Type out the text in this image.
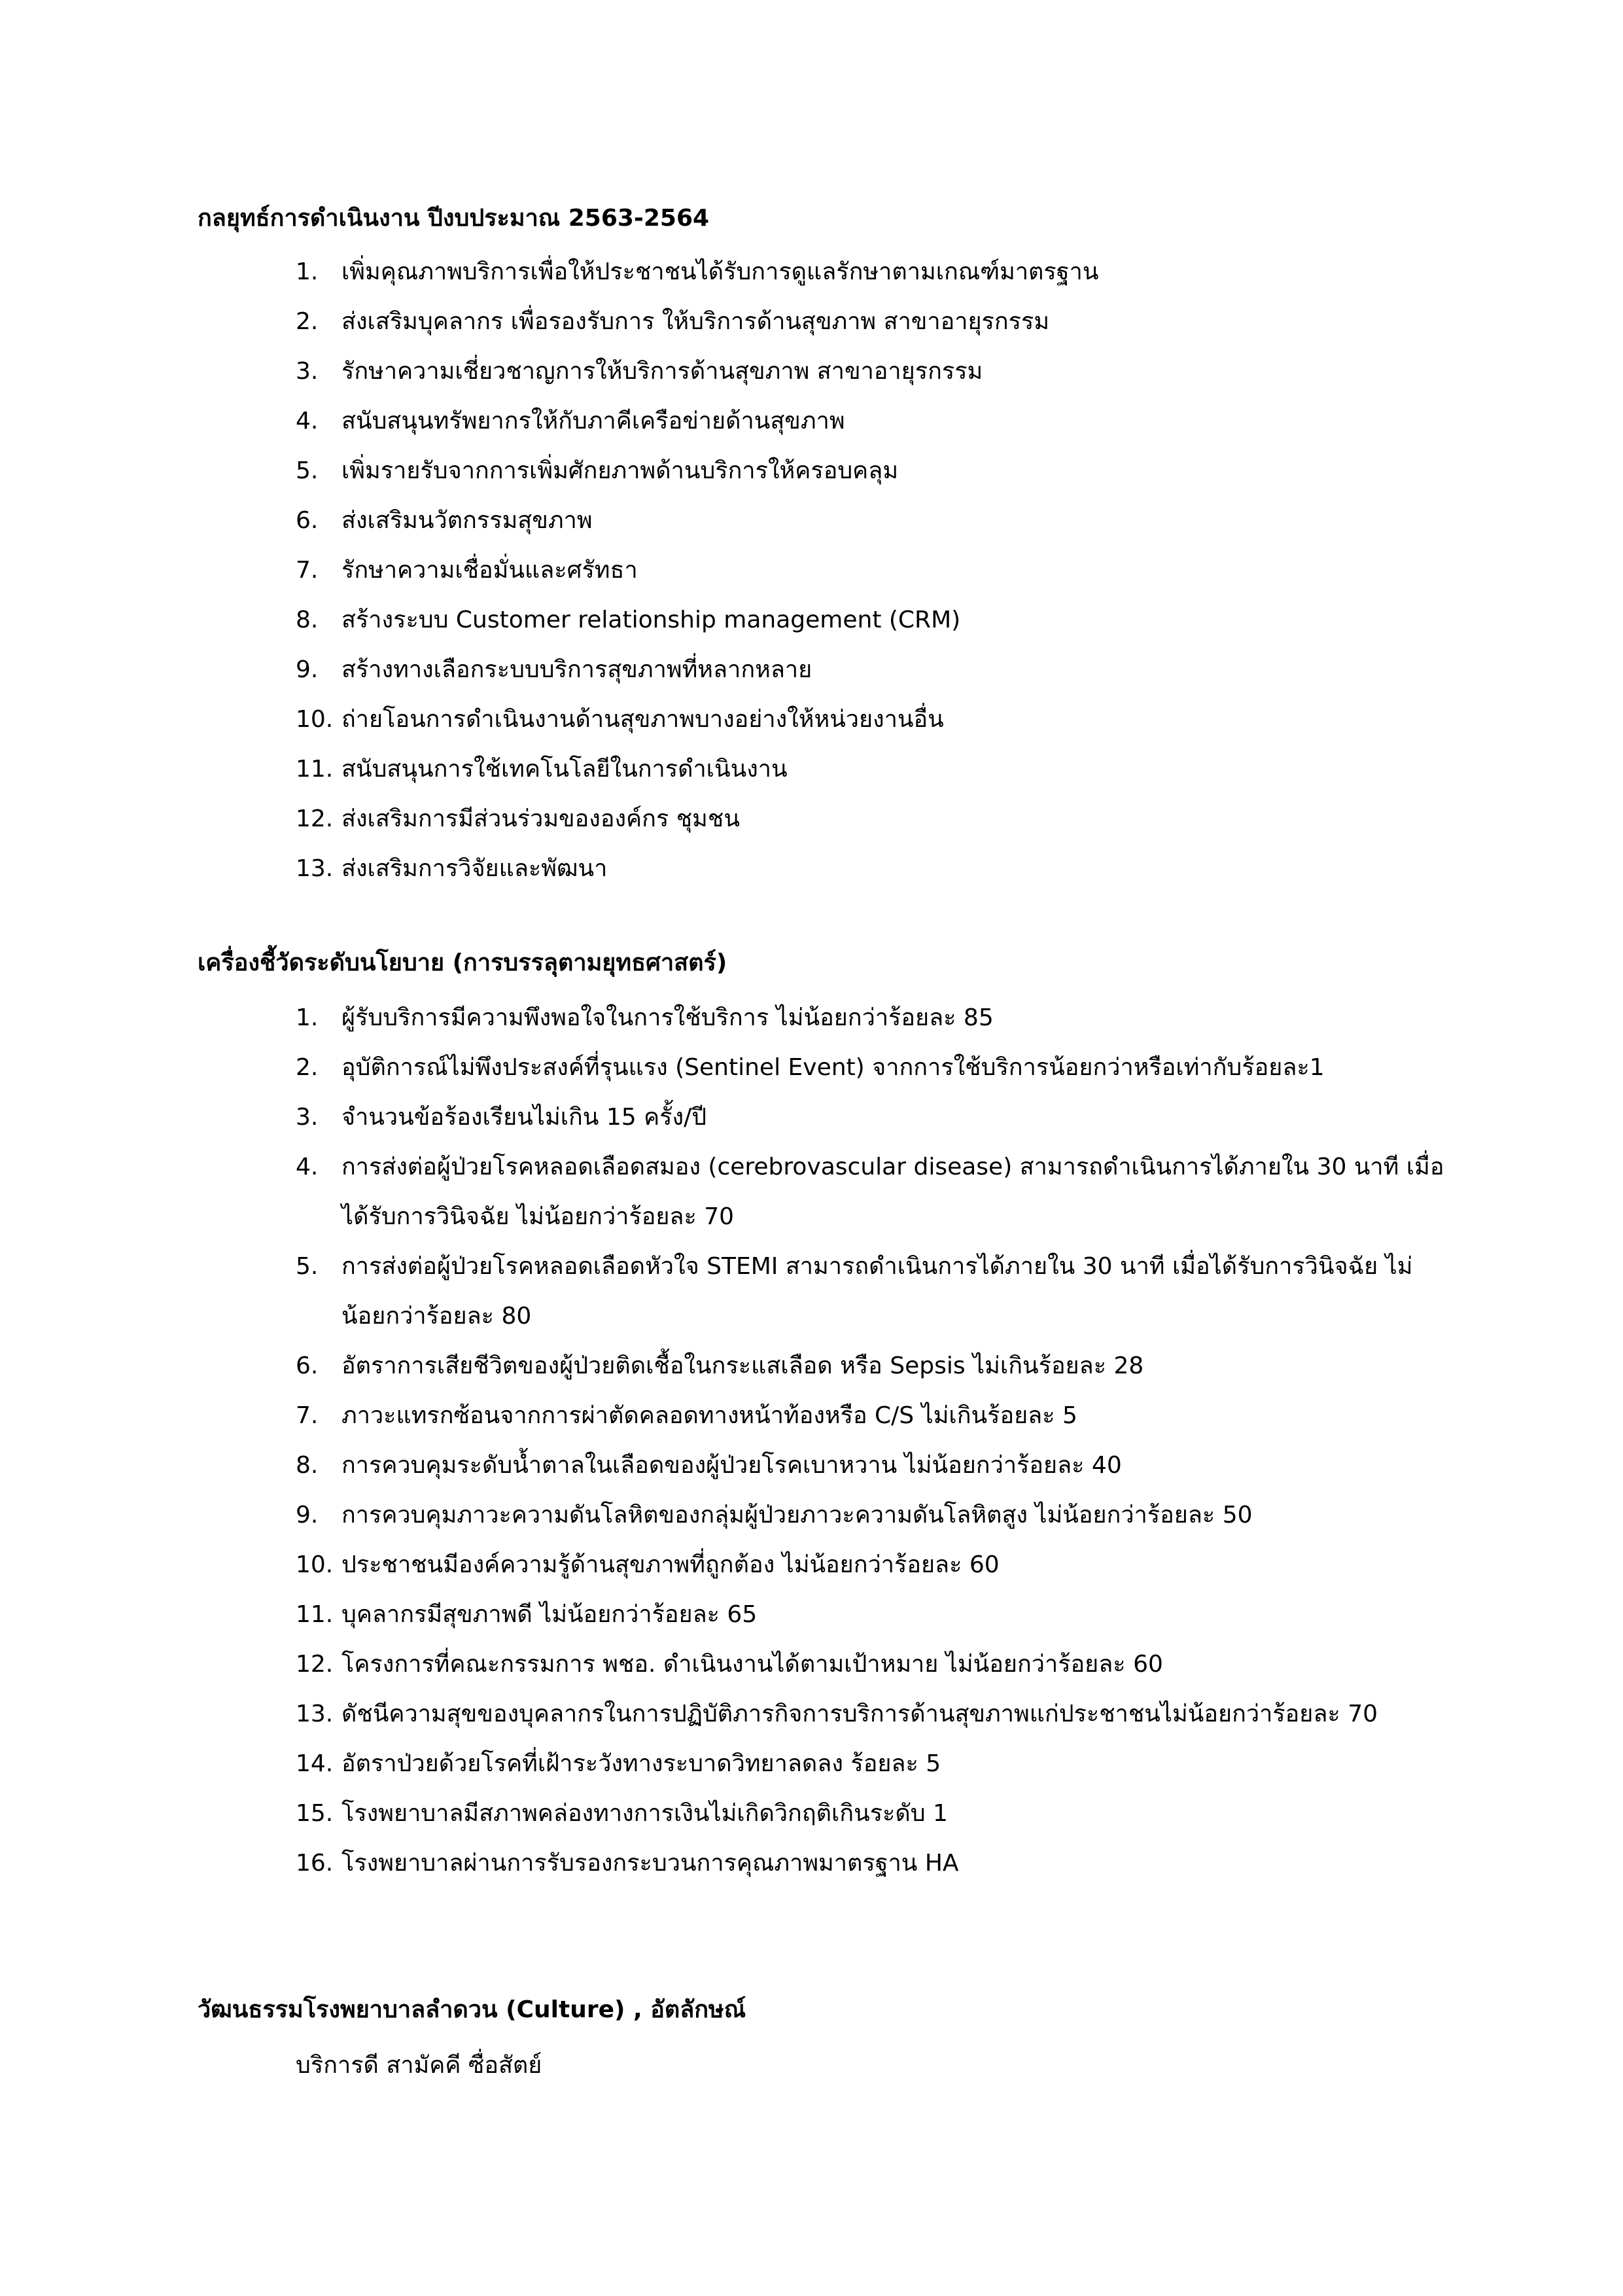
กลยุทธ์การดำเนินงาน ปีงบประมาณ 2563-2564
1. เพิ่มคุณภาพบริการเพื่อให้ประชาชนได้รับการดูแลรักษาตามเกณฑ์มาตรฐาน
2. ส่งเสริมบุคลากร เพื่อรองรับการ ให้บริการด้านสุขภาพ สาขาอายุรกรรม
3. รักษาความเชี่ยวชาญการให้บริการด้านสุขภาพ สาขาอายุรกรรม
4. สนับสนุนทรัพยากรให้กับภาคีเครือข่ายด้านสุขภาพ
5. เพิ่มรายรับจากการเพิ่มศักยภาพด้านบริการให้ครอบคลุม
6. ส่งเสริมนวัตกรรมสุขภาพ
7. รักษาความเชื่อมั่นและศรัทธา
8. สร้างระบบ Customer relationship management (CRM)
9. สร้างทางเลือกระบบบริการสุขภาพที่หลากหลาย
10. ถ่ายโอนการดำเนินงานด้านสุขภาพบางอย่างให้หน่วยงานอื่น
11. สนับสนุนการใช้เทคโนโลยีในการดำเนินงาน
12. ส่งเสริมการมีส่วนร่วมขององค์กร ชุมชน
13. ส่งเสริมการวิจัยและพัฒนา
เครื่องชี้วัดระดับนโยบาย (การบรรลุตามยุทธศาสตร์)
1. ผู้รับบริการมีความพึงพอใจในการใช้บริการ ไม่น้อยกว่าร้อยละ 85
2. อุบัติการณ์ไม่พึงประสงค์ที่รุนแรง (Sentinel Event) จากการใช้บริการน้อยกว่าหรือเท่ากับร้อยละ1
3. จำนวนข้อร้องเรียนไม่เกิน 15 ครั้ง/ปี
4. การส่งต่อผู้ป่วยโรคหลอดเลือดสมอง (cerebrovascular disease) สามารถดำเนินการได้ภายใน 30 นาที เมื่อได้รับการวินิจฉัย ไม่น้อยกว่าร้อยละ 70
5. การส่งต่อผู้ป่วยโรคหลอดเลือดหัวใจ STEMI สามารถดำเนินการได้ภายใน 30 นาที เมื่อได้รับการวินิจฉัย ไม่น้อยกว่าร้อยละ 80
6. อัตราการเสียชีวิตของผู้ป่วยติดเชื้อในกระแสเลือด หรือ Sepsis ไม่เกินร้อยละ 28
7. ภาวะแทรกซ้อนจากการผ่าตัดคลอดทางหน้าท้องหรือ C/S ไม่เกินร้อยละ 5
8. การควบคุมระดับน้ำตาลในเลือดของผู้ป่วยโรคเบาหวาน ไม่น้อยกว่าร้อยละ 40
9. การควบคุมภาวะความดันโลหิตของกลุ่มผู้ป่วยภาวะความดันโลหิตสูง ไม่น้อยกว่าร้อยละ 50
10. ประชาชนมีองค์ความรู้ด้านสุขภาพที่ถูกต้อง ไม่น้อยกว่าร้อยละ 60
11. บุคลากรมีสุขภาพดี ไม่น้อยกว่าร้อยละ 65
12. โครงการที่คณะกรรมการ พชอ. ดำเนินงานได้ตามเป้าหมาย ไม่น้อยกว่าร้อยละ 60
13. ดัชนีความสุขของบุคลากรในการปฏิบัติภารกิจการบริการด้านสุขภาพแก่ประชาชนไม่น้อยกว่าร้อยละ 70
14. อัตราป่วยด้วยโรคที่เฝ้าระวังทางระบาดวิทยาลดลง ร้อยละ 5
15. โรงพยาบาลมีสภาพคล่องทางการเงินไม่เกิดวิกฤติเกินระดับ 1
16. โรงพยาบาลผ่านการรับรองกระบวนการคุณภาพมาตรฐาน HA
วัฒนธรรมโรงพยาบาลลำดวน (Culture) , อัตลักษณ์

บริการดี สามัคคี ซื่อสัตย์
